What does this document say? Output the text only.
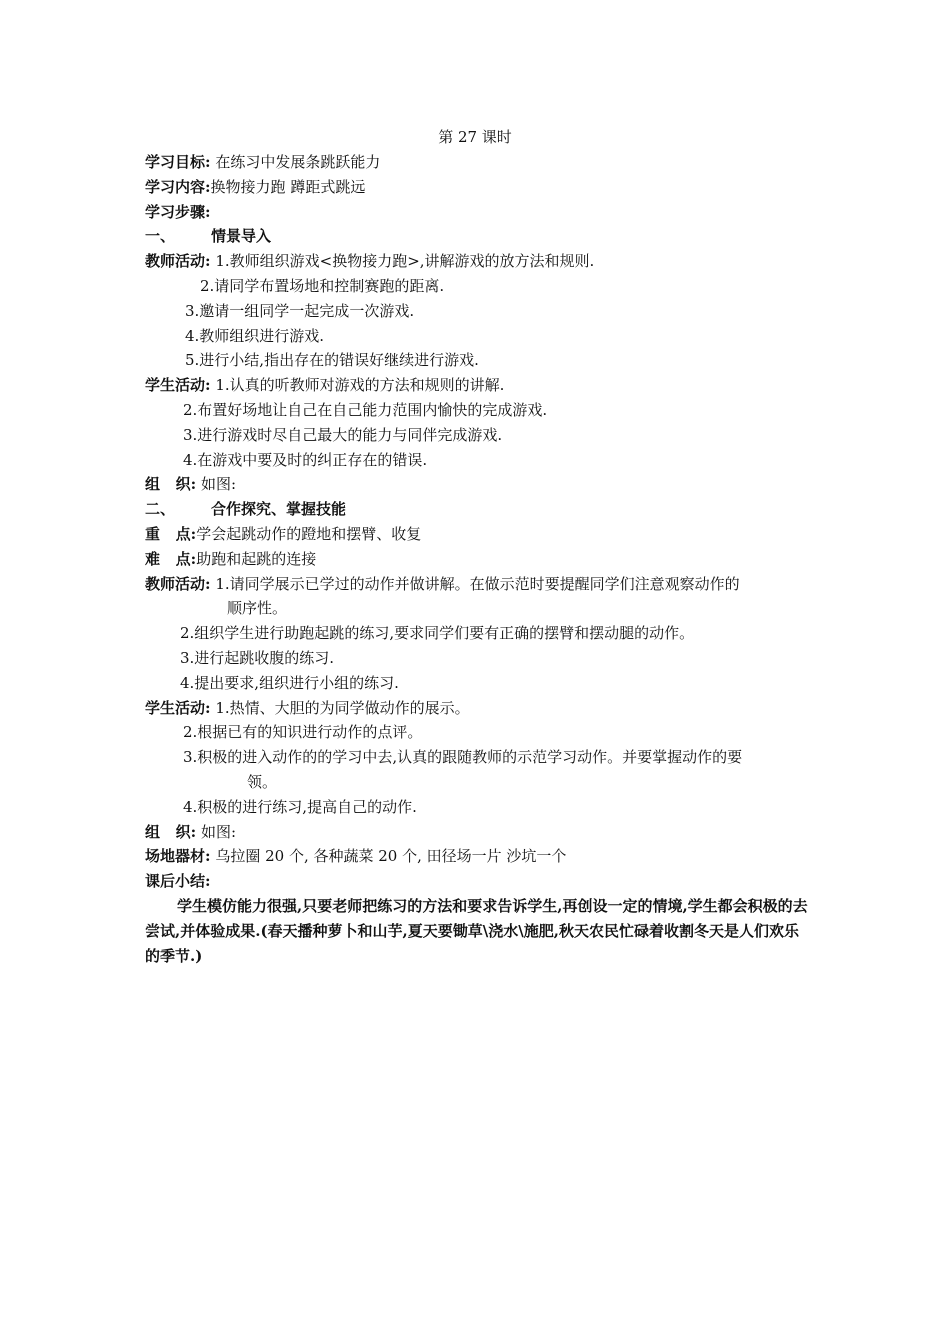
第 27 课时
学习目标: 在练习中发展条跳跃能力
学习内容:换物接力跑 蹲距式跳远
学习步骤:
一、 情景导入
教师活动: 1.教师组织游戏<换物接力跑>,讲解游戏的放方法和规则.
2.请同学布置场地和控制赛跑的距离.
3.邀请一组同学一起完成一次游戏.
4.教师组织进行游戏.
5.进行小结,指出存在的错误好继续进行游戏.
学生活动: 1.认真的听教师对游戏的方法和规则的讲解.
2.布置好场地让自己在自己能力范围内愉快的完成游戏.
3.进行游戏时尽自己最大的能力与同伴完成游戏.
4.在游戏中要及时的纠正存在的错误.
组   织: 如图:
二、 合作探究、掌握技能
重   点:学会起跳动作的蹬地和摆臂、收复
难   点:助跑和起跳的连接
教师活动: 1.请同学展示已学过的动作并做讲解。在做示范时要提醒同学们注意观察动作的
顺序性。
2.组织学生进行助跑起跳的练习,要求同学们要有正确的摆臂和摆动腿的动作。
3.进行起跳收腹的练习.
4.提出要求,组织进行小组的练习.
学生活动: 1.热情、大胆的为同学做动作的展示。
2.根据已有的知识进行动作的点评。
3.积极的进入动作的的学习中去,认真的跟随教师的示范学习动作。并要掌握动作的要
领。
4.积极的进行练习,提高自己的动作.
组   织: 如图:
场地器材: 乌拉圈 20 个, 各种蔬菜 20 个, 田径场一片 沙坑一个
课后小结:
学生模仿能力很强,只要老师把练习的方法和要求告诉学生,再创设一定的情境,学生都会积极的去尝试,并体验成果.(春天播种萝卜和山芋,夏天要锄草\浇水\施肥,秋天农民忙碌着收割冬天是人们欢乐的季节.)
